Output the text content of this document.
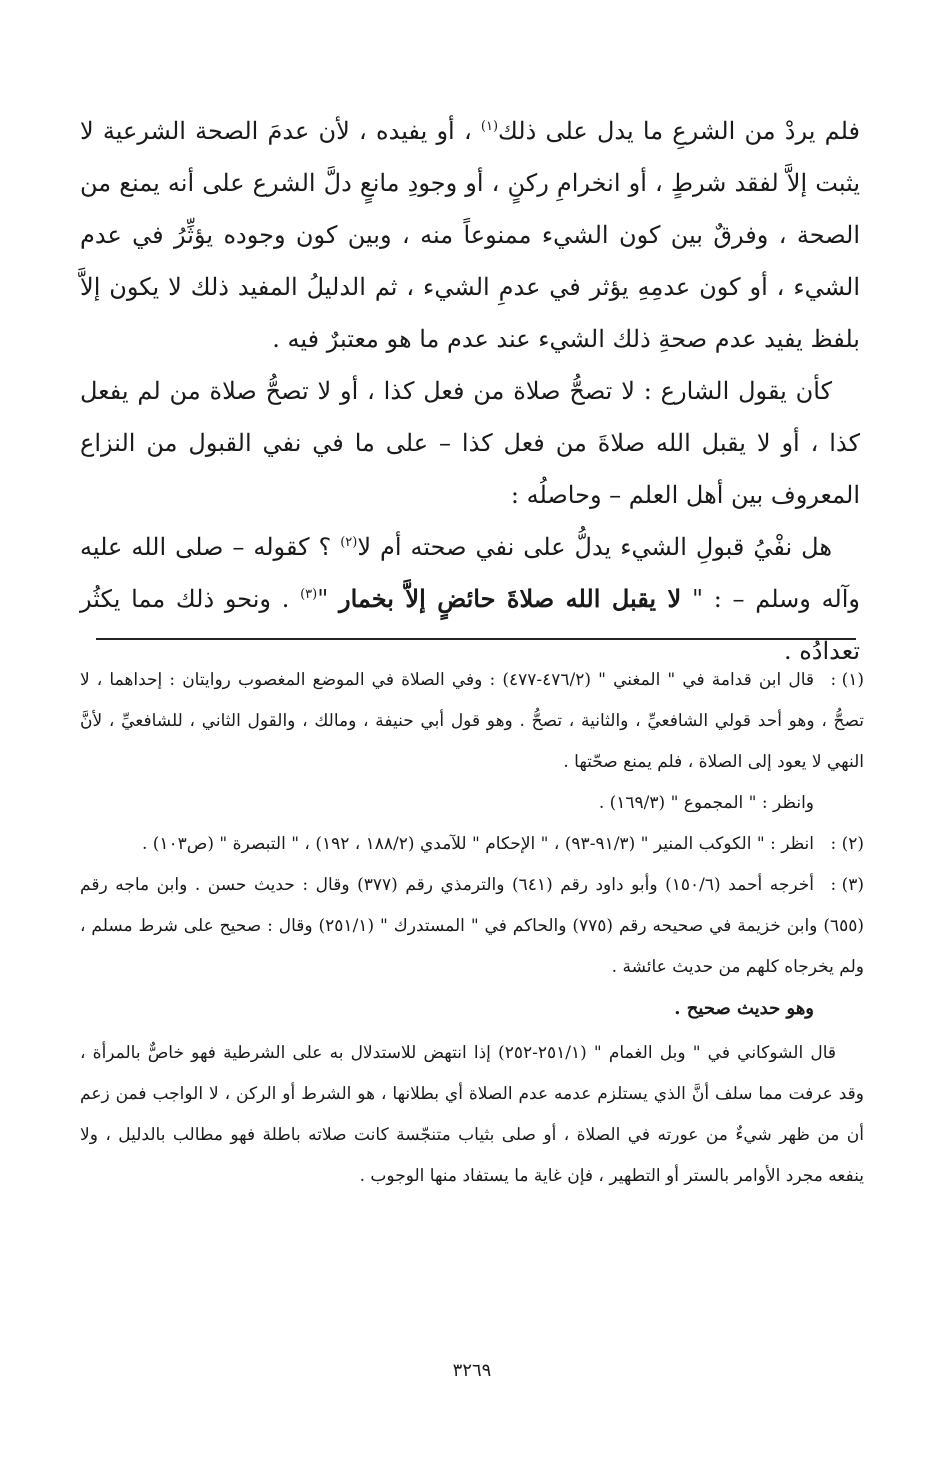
فلم يردْ من الشرعِ ما يدل على ذلك$^{(١)}$ ، أو يفيده ، لأن عدمَ الصحة الشرعية لا يثبت إلاَّ لفقد شرطٍ ، أو انخرامِ ركنٍ ، أو وجودِ مانعٍ دلَّ الشرع على أنه يمنع من الصحة ، وفرقٌ بين كون الشيء ممنوعاً منه ، وبين كون وجوده يؤثِّرُ في عدم الشيء ، أو كون عدمِهِ يؤثر في عدمِ الشيء ، ثم الدليلُ المفيد ذلك لا يكون إلاَّ بلفظ يفيد عدم صحةِ ذلك الشيء عند عدم ما هو معتبرٌ فيه .

كأن يقول الشارع : لا تصحُّ صلاة من فعل كذا ، أو لا تصحُّ صلاة من لم يفعل كذا ، أو لا يقبل الله صلاةَ من فعل كذا – على ما في نفي القبول من النزاع المعروف بين أهل العلم – وحاصلُه :

هل نفْيُ قبولِ الشيء يدلُّ على نفي صحته أم لا$^{(٢)}$ ؟ كقوله – صلى الله عليه وآله وسلم – : " لا يقبل الله صلاةَ حائضٍ إلاَّ بخمار "$^{(٣)}$ . ونحو ذلك مما يكثُر تعدادُه .

(١) :قال ابن قدامة في " المغني " (٤٧٦/٢-٤٧٧) : وفي الصلاة في الموضع المغصوب روايتان : إحداهما ، لا تصحُّ ، وهو أحد قولي الشافعيِّ ، والثانية ، تصحُّ . وهو قول أبي حنيفة ، ومالك ، والقول الثاني ، للشافعيِّ ، لأنَّ النهي لا يعود إلى الصلاة ، فلم يمنع صحّتها .

وانظر : " المجموع " (١٦٩/٣) .

(٢) :انظر : " الكوكب المنير " (٩١/٣-٩٣) ، " الإحكام " للآمدي (١٨٨/٢ ، ١٩٢) ، " التبصرة " (ص١٠٣) .

(٣) :أخرجه أحمد (١٥٠/٦) وأبو داود رقم (٦٤١) والترمذي رقم (٣٧٧) وقال : حديث حسن . وابن ماجه رقم (٦٥٥) وابن خزيمة في صحيحه رقم (٧٧٥) والحاكم في " المستدرك " (٢٥١/١) وقال : صحيح على شرط مسلم ، ولم يخرجاه كلهم من حديث عائشة .

وهو حديث صحيح .

قال الشوكاني في " وبل الغمام " (٢٥١/١-٢٥٢) إذا انتهض للاستدلال به على الشرطية فهو خاصٌّ بالمرأة ، وقد عرفت مما سلف أنَّ الذي يستلزم عدمه عدم الصلاة أي بطلانها ، هو الشرط أو الركن ، لا الواجب فمن زعم أن من ظهر شيءٌ من عورته في الصلاة ، أو صلى بثياب متنجّسة كانت صلاته باطلة فهو مطالب بالدليل ، ولا ينفعه مجرد الأوامر بالستر أو التطهير ، فإن غاية ما يستفاد منها الوجوب .

٣٢٦٩
